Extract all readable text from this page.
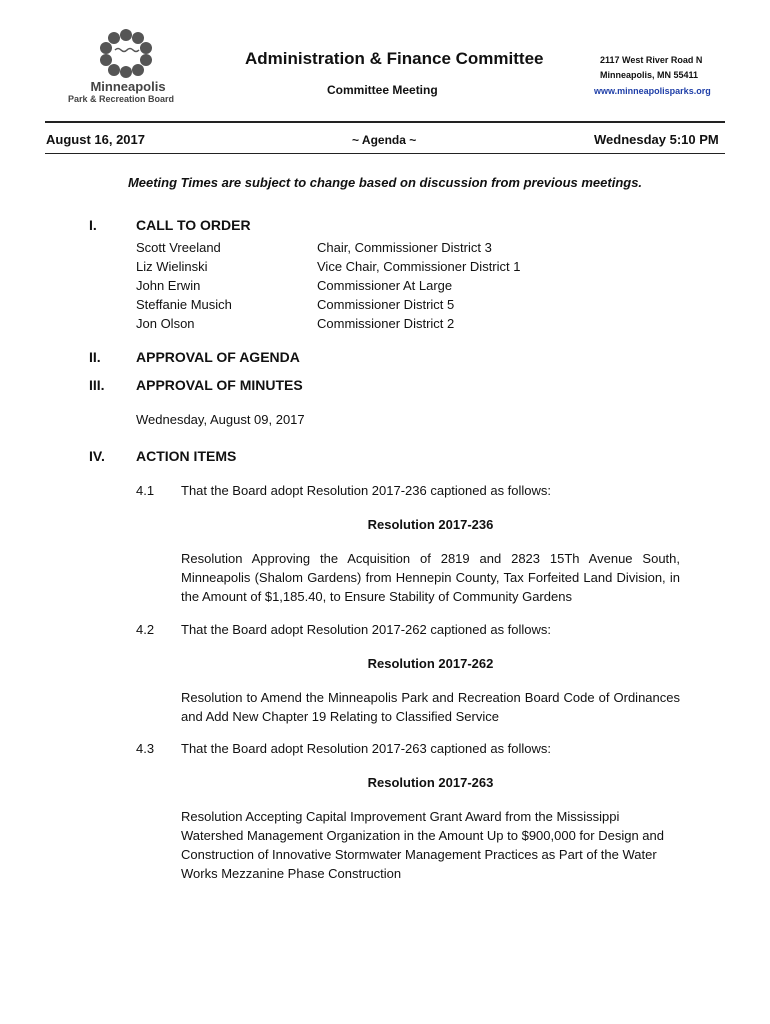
Minneapolis
Park & Recreation Board
Administration & Finance Committee
Committee Meeting
2117 West River Road N
Minneapolis, MN 55411
www.minneapolisparks.org
August 16, 2017	~ Agenda ~	Wednesday 5:10 PM
Meeting Times are subject to change based on discussion from previous meetings.
I.	CALL TO ORDER
Scott Vreeland	Chair, Commissioner District 3
Liz Wielinski	Vice Chair, Commissioner District 1
John Erwin	Commissioner At Large
Steffanie Musich	Commissioner District 5
Jon Olson	Commissioner District 2
II.	APPROVAL OF AGENDA
III. APPROVAL OF MINUTES
Wednesday, August 09, 2017
IV. ACTION ITEMS
4.1 That the Board adopt Resolution 2017-236 captioned as follows:
Resolution 2017-236
Resolution Approving the Acquisition of 2819 and 2823 15Th Avenue South, Minneapolis (Shalom Gardens) from Hennepin County, Tax Forfeited Land Division, in the Amount of $1,185.40, to Ensure Stability of Community Gardens
4.2 That the Board adopt Resolution 2017-262 captioned as follows:
Resolution 2017-262
Resolution to Amend the Minneapolis Park and Recreation Board Code of Ordinances and Add New Chapter 19 Relating to Classified Service
4.3 That the Board adopt Resolution 2017-263 captioned as follows:
Resolution 2017-263
Resolution Accepting Capital Improvement Grant Award from the Mississippi Watershed Management Organization in the Amount Up to $900,000 for Design and Construction of Innovative Stormwater Management Practices as Part of the Water Works Mezzanine Phase Construction
